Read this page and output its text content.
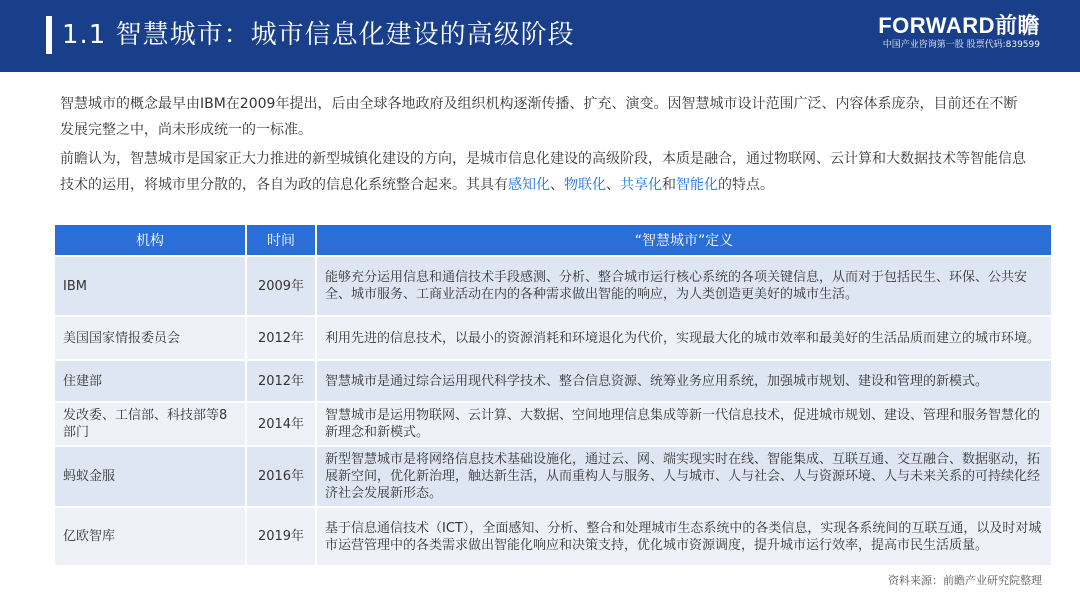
1.1 智慧城市：城市信息化建设的高级阶段	FORWARD前瞻
中国产业咨询第一股 股票代码:839599

智慧城市的概念最早由IBM在2009年提出，后由全球各地政府及组织机构逐渐传播、扩充、演变。因智慧城市设计范围广泛、内容体系庞杂，目前还在不断发展完整之中，尚未形成统一的一标准。

前瞻认为，智慧城市是国家正大力推进的新型城镇化建设的方向，是城市信息化建设的高级阶段，本质是融合，通过物联网、云计算和大数据技术等智能信息技术的运用，将城市里分散的，各自为政的信息化系统整合起来。其具有感知化、物联化、共享化和智能化的特点。

机构	时间	“智慧城市”定义
IBM	2009年	能够充分运用信息和通信技术手段感测、分析、整合城市运行核心系统的各项关键信息，从而对于包括民生、环保、公共安全、城市服务、工商业活动在内的各种需求做出智能的响应，为人类创造更美好的城市生活。
美国国家情报委员会	2012年	利用先进的信息技术，以最小的资源消耗和环境退化为代价，实现最大化的城市效率和最美好的生活品质而建立的城市环境。
住建部	2012年	智慧城市是通过综合运用现代科学技术、整合信息资源、统筹业务应用系统，加强城市规划、建设和管理的新模式。
发改委、工信部、科技部等8部门	2014年	智慧城市是运用物联网、云计算、大数据、空间地理信息集成等新一代信息技术，促进城市规划、建设、管理和服务智慧化的新理念和新模式。
蚂蚁金服	2016年	新型智慧城市是将网络信息技术基础设施化，通过云、网、端实现实时在线、智能集成、互联互通、交互融合、数据驱动，拓展新空间，优化新治理，触达新生活，从而重构人与服务、人与城市、人与社会、人与资源环境、人与未来关系的可持续化经济社会发展新形态。
亿欧智库	2019年	基于信息通信技术（ICT），全面感知、分析、整合和处理城市生态系统中的各类信息，实现各系统间的互联互通，以及时对城市运营管理中的各类需求做出智能化响应和决策支持，优化城市资源调度，提升城市运行效率，提高市民生活质量。
资料来源：前瞻产业研究院整理
